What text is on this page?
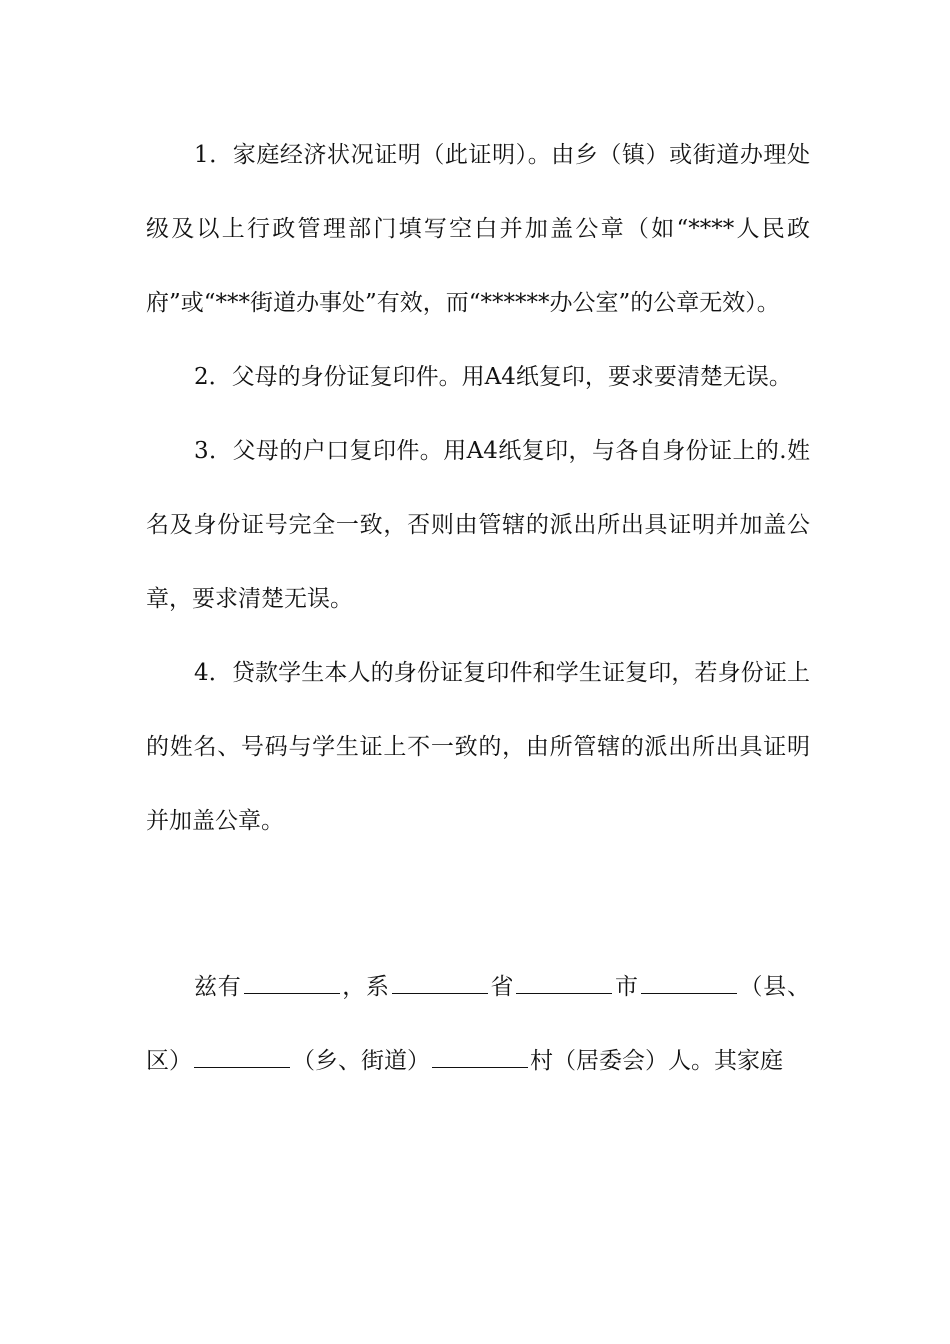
1．家庭经济状况证明（此证明）。由乡（镇）或街道办理处级及以上行政管理部门填写空白并加盖公章（如“****人民政府”或“***街道办事处”有效，而“******办公室”的公章无效）。

2．父母的身份证复印件。用A4纸复印，要求要清楚无误。

3．父母的户口复印件。用A4纸复印，与各自身份证上的.姓名及身份证号完全一致，否则由管辖的派出所出具证明并加盖公章，要求清楚无误。

4．贷款学生本人的身份证复印件和学生证复印，若身份证上的姓名、号码与学生证上不一致的，由所管辖的派出所出具证明并加盖公章。

兹有	，系	省	市	（县、区）	（乡、街道）	村（居委会）人。其家庭
